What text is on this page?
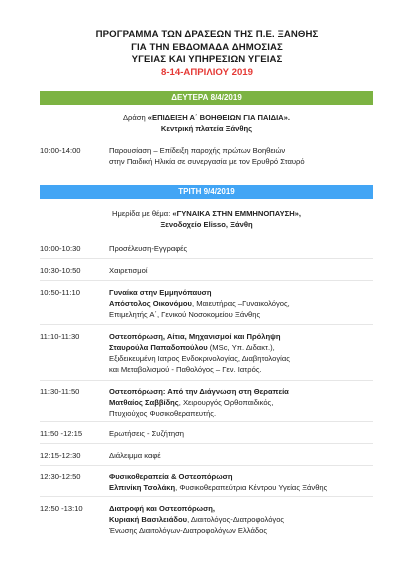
ΠΡΟΓΡΑΜΜΑ ΤΩΝ ΔΡΑΣΕΩΝ ΤΗΣ Π.Ε. ΞΑΝΘΗΣ
ΓΙΑ ΤΗΝ ΕΒΔΟΜΑΔΑ ΔΗΜΟΣΙΑΣ
ΥΓΕΙΑΣ ΚΑΙ ΥΠΗΡΕΣΙΩΝ ΥΓΕΙΑΣ
8-14-ΑΠΡΙΛΙΟΥ 2019
ΔΕΥΤΕΡΑ 8/4/2019
Δράση «ΕΠΙΔΕΙΞΗ Α΄ ΒΟΗΘΕΙΩΝ ΓΙΑ ΠΑΙΔΙΑ».
Κεντρική πλατεία Ξάνθης
10:00-14:00	Παρουσίαση – Επίδειξη παροχής πρώτων Βοηθειών
στην Παιδική Ηλικία σε συνεργασία με τον Ερυθρό Σταυρό
ΤΡΙΤΗ 9/4/2019
Ημερίδα με θέμα: «ΓΥΝΑΙΚΑ ΣΤΗΝ ΕΜΜΗΝΟΠΑΥΣΗ»,
Ξενοδοχείο Elisso, Ξάνθη
10:00-10:30	Προσέλευση-Εγγραφές
10:30-10:50	Χαιρετισμοί
10:50-11:10	Γυναίκα στην Εμμηνόπαυση
Απόστολος Οικονόμου, Μαιευτήρας –Γυναικολόγος,
Επιμελητής Α΄, Γενικού Νοσοκομείου Ξάνθης
11:10-11:30	Οστεοπόρωση, Αίτια, Μηχανισμοί και Πρόληψη
Σταυρούλα Παπαδοπούλου (MSc, Υπ. Διδακτ.),
Εξιδεικευμένη Ιατρος Ενδοκρινολογίας, Διαβητολογίας
και Μεταβολισμού - Παθολόγος – Γεν. Ιατρός.
11:30-11:50	Οστεοπόρωση: Από την Διάγνωση στη Θεραπεία
Ματθαίος Σαββίδης, Χειρουργός Ορθοπαιδικός,
Πτυχιούχος Φυσικοθεραπευτής.
11:50 -12:15	Ερωτήσεις - Συζήτηση
12:15-12:30	Διάλειμμα καφέ
12:30-12:50	Φυσικοθεραπεία & Οστεοπόρωση
Ελπινίκη Τσολάκη, Φυσικοθεραπεύτρια Κέντρου Υγείας Ξάνθης
12:50 -13:10	Διατροφή και Οστεοπόρωση,
Κυριακή Βασιλειάδου, Διαιτολόγος-Διατροφολόγος
Ένωσης Διαιτολόγων-Διατροφολόγων Ελλάδος
